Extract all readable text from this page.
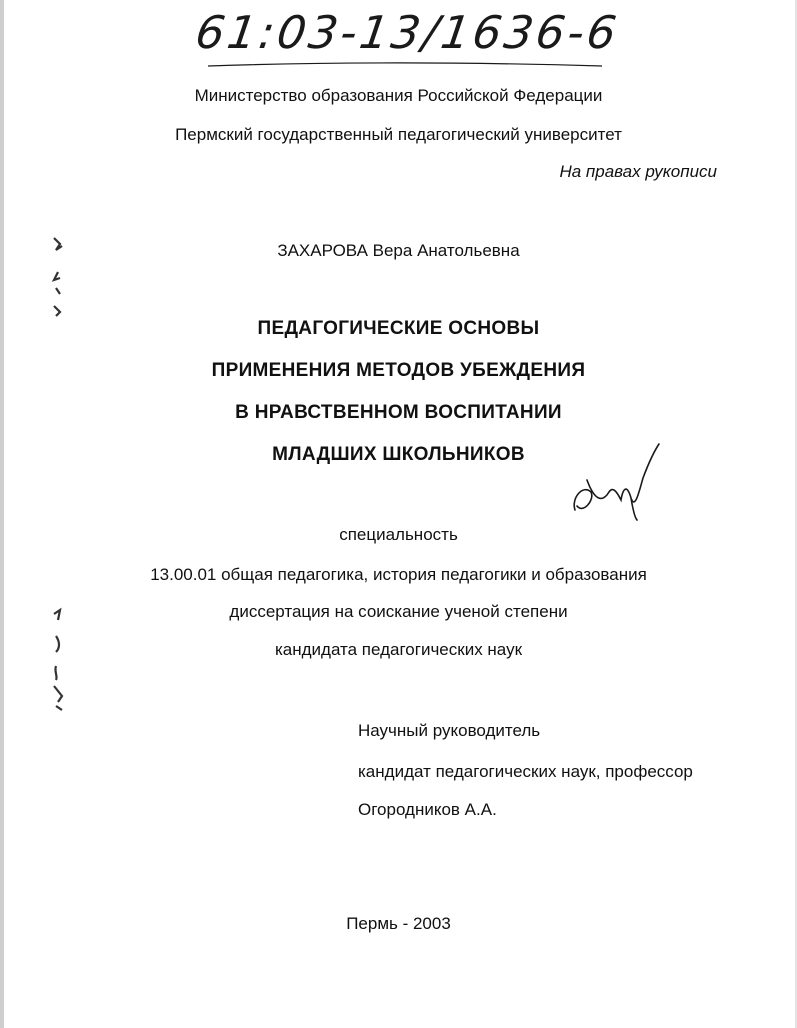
61:03-13/1636-6
Министерство образования Российской Федерации
Пермский государственный педагогический университет
На правах рукописи
ЗАХАРОВА Вера Анатольевна
ПЕДАГОГИЧЕСКИЕ ОСНОВЫ
ПРИМЕНЕНИЯ МЕТОДОВ УБЕЖДЕНИЯ
В НРАВСТВЕННОМ ВОСПИТАНИИ
МЛАДШИХ ШКОЛЬНИКОВ
специальность
13.00.01 общая педагогика, история педагогики и образования
диссертация на соискание ученой степени
кандидата педагогических наук
Научный руководитель
кандидат педагогических наук, профессор
Огородников А.А.
Пермь - 2003
